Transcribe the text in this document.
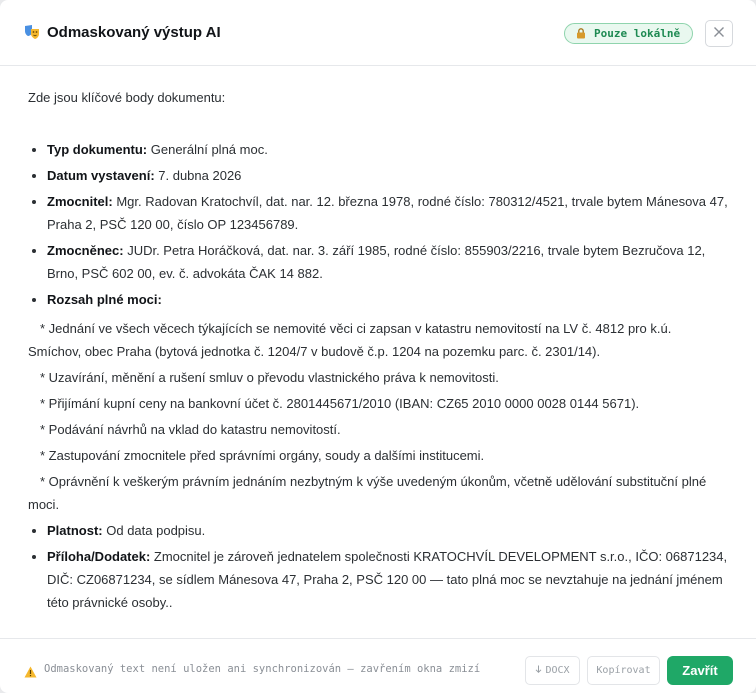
Odmaskovaný výstup AI	Pouze lokálně
Zde jsou klíčové body dokumentu:
Typ dokumentu: Generální plná moc.
Datum vystavení: 7. dubna 2026
Zmocnitel: Mgr. Radovan Kratochvíl, dat. nar. 12. března 1978, rodné číslo: 780312/4521, trvale bytem Mánesova 47, Praha 2, PSČ 120 00, číslo OP 123456789.
Zmocněnec: JUDr. Petra Horáčková, dat. nar. 3. září 1985, rodné číslo: 855903/2216, trvale bytem Bezručova 12, Brno, PSČ 602 00, ev. č. advokáta ČAK 14 882.
Rozsah plné moci:
* Jednání ve všech věcech týkajících se nemovité věci ci zapsan v katastru nemovitostí na LV č. 4812 pro k.ú. Smíchov, obec Praha (bytová jednotka č. 1204/7 v budově č.p. 1204 na pozemku parc. č. 2301/14).
* Uzavírání, měnění a rušení smluv o převodu vlastnického práva k nemovitosti.
* Přijímání kupní ceny na bankovní účet č. 2801445671/2010 (IBAN: CZ65 2010 0000 0028 0144 5671).
* Podávání návrhů na vklad do katastru nemovitostí.
* Zastupování zmocnitele před správními orgány, soudy a dalšími institucemi.
* Oprávnění k veškerým právním jednáním nezbytným k výše uvedeným úkonům, včetně udělování substituční plné moci.
Platnost: Od data podpisu.
Příloha/Dodatek: Zmocnitel je zároveň jednatelem společnosti KRATOCHVÍL DEVELOPMENT s.r.o., IČO: 06871234, DIČ: CZ06871234, se sídlem Mánesova 47, Praha 2, PSČ 120 00 — tato plná moc se nevztahuje na jednání jménem této právnické osoby..
Odmaskovaný text není uložen ani synchronizován — zavřením okna zmizí	DOCX	Kopírovat	Zavřít
